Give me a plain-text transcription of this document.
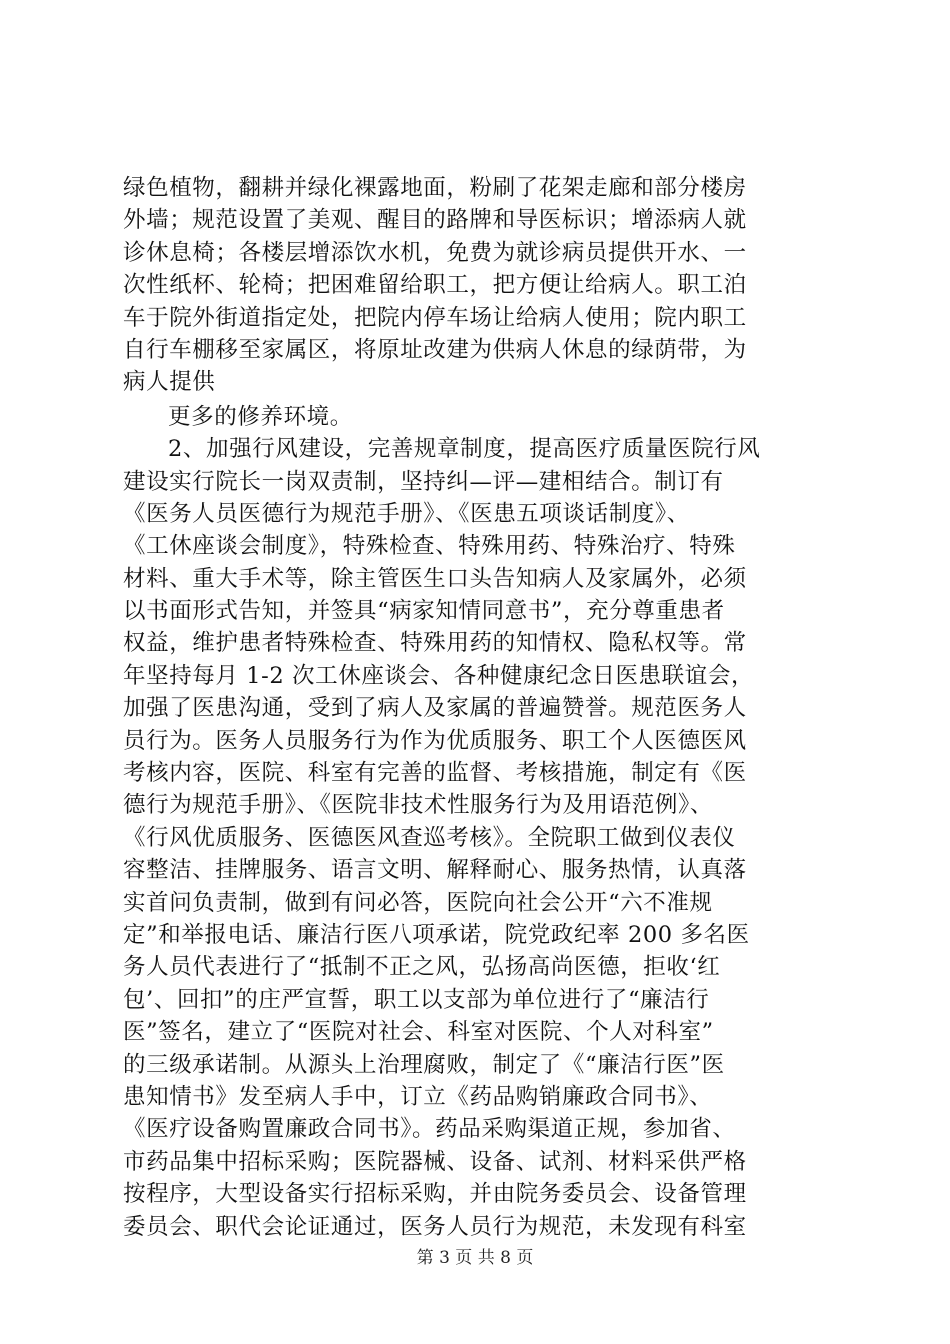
绿色植物，翻耕并绿化裸露地面，粉刷了花架走廊和部分楼房
外墙；规范设置了美观、醒目的路牌和导医标识；增添病人就
诊休息椅；各楼层增添饮水机，免费为就诊病员提供开水、一
次性纸杯、轮椅；把困难留给职工，把方便让给病人。职工泊
车于院外街道指定处，把院内停车场让给病人使用；院内职工
自行车棚移至家属区，将原址改建为供病人休息的绿荫带，为
病人提供
更多的修养环境。
2、加强行风建设，完善规章制度，提高医疗质量医院行风
建设实行院长一岗双责制，坚持纠—评—建相结合。制订有
《医务人员医德行为规范手册》、《医患五项谈话制度》、
《工休座谈会制度》，特殊检查、特殊用药、特殊治疗、特殊
材料、重大手术等，除主管医生口头告知病人及家属外，必须
以书面形式告知，并签具“病家知情同意书”，充分尊重患者
权益，维护患者特殊检查、特殊用药的知情权、隐私权等。常
年坚持每月 1-2 次工休座谈会、各种健康纪念日医患联谊会，
加强了医患沟通，受到了病人及家属的普遍赞誉。规范医务人
员行为。医务人员服务行为作为优质服务、职工个人医德医风
考核内容，医院、科室有完善的监督、考核措施，制定有《医
德行为规范手册》、《医院非技术性服务行为及用语范例》、
《行风优质服务、医德医风查巡考核》。全院职工做到仪表仪
容整洁、挂牌服务、语言文明、解释耐心、服务热情，认真落
实首问负责制，做到有问必答，医院向社会公开“六不准规
定”和举报电话、廉洁行医八项承诺，院党政纪率 200 多名医
务人员代表进行了“抵制不正之风，弘扬高尚医德，拒收‘红
包’、回扣”的庄严宣誓，职工以支部为单位进行了“廉洁行
医”签名，建立了“医院对社会、科室对医院、个人对科室”
的三级承诺制。从源头上治理腐败，制定了《“廉洁行医”医
患知情书》发至病人手中，订立《药品购销廉政合同书》、
《医疗设备购置廉政合同书》。药品采购渠道正规，参加省、
市药品集中招标采购；医院器械、设备、试剂、材料采供严格
按程序，大型设备实行招标采购，并由院务委员会、设备管理
委员会、职代会论证通过，医务人员行为规范，未发现有科室
第 3 页 共 8 页
